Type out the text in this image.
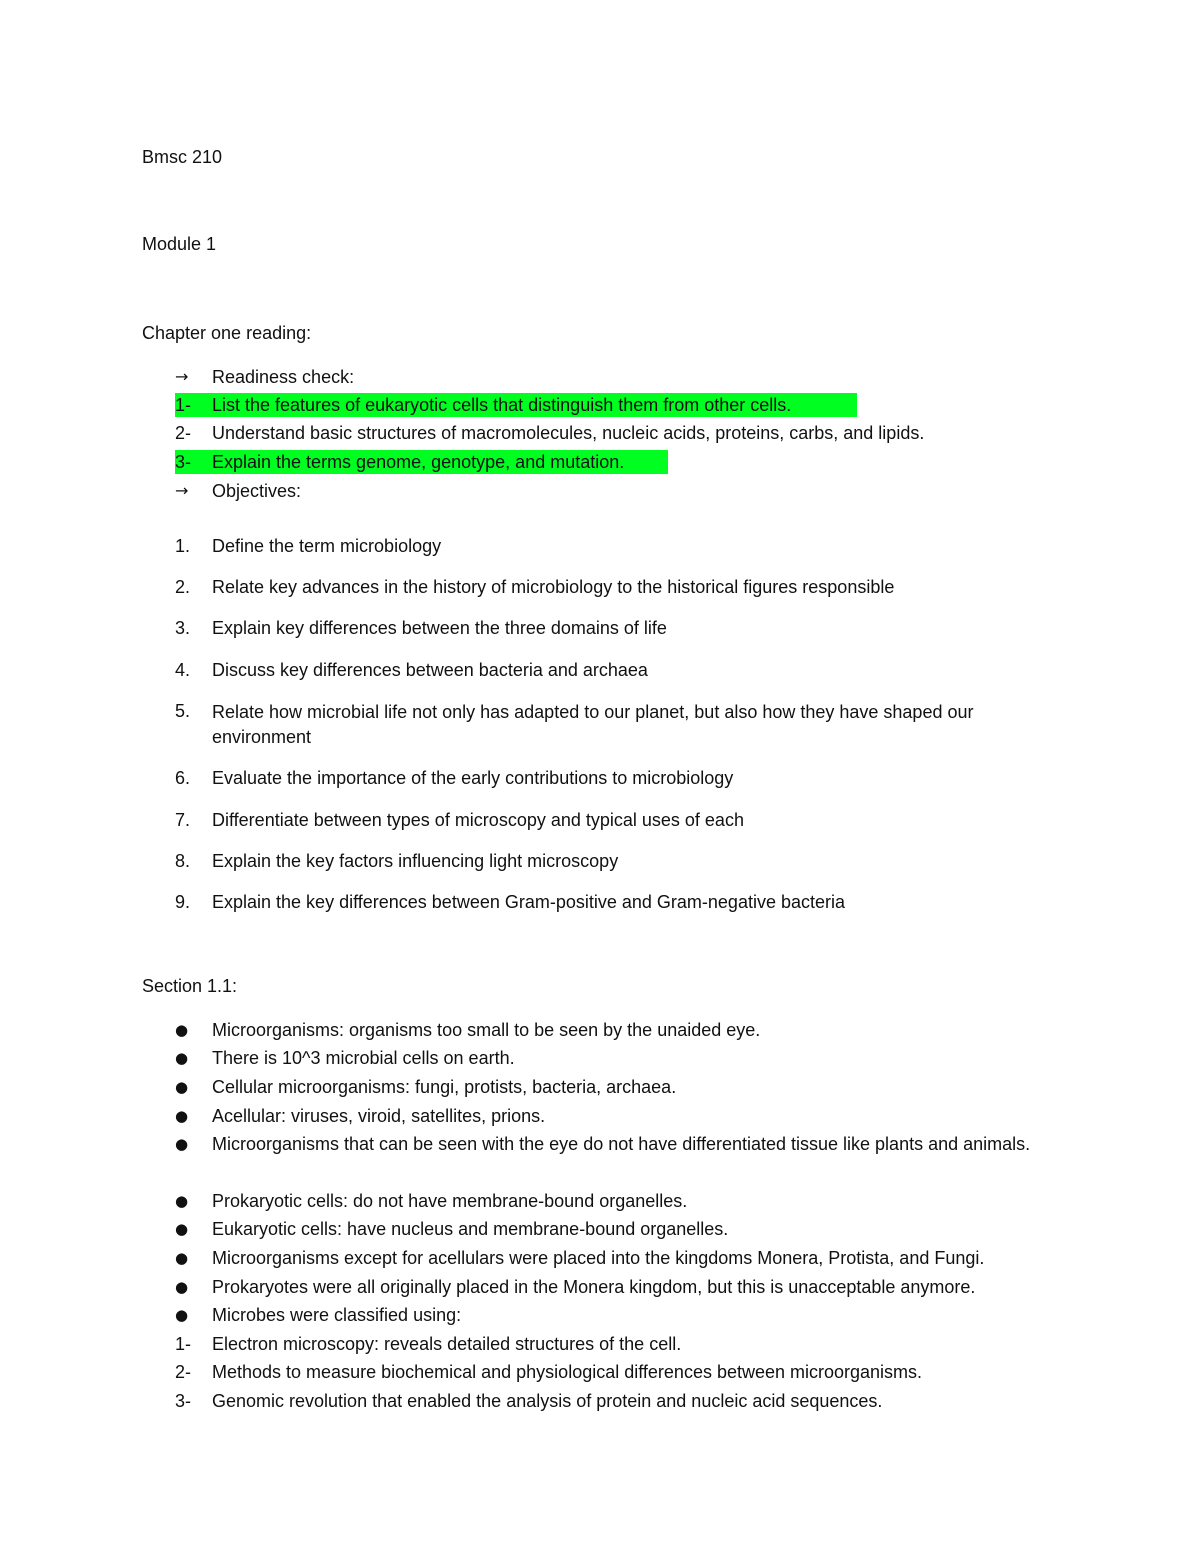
Bmsc 210
Module 1
Chapter one reading:
→ Readiness check:
1- List the features of eukaryotic cells that distinguish them from other cells.
2- Understand basic structures of macromolecules, nucleic acids, proteins, carbs, and lipids.
3- Explain the terms genome, genotype, and mutation.
→ Objectives:
1. Define the term microbiology
2. Relate key advances in the history of microbiology to the historical figures responsible
3. Explain key differences between the three domains of life
4. Discuss key differences between bacteria and archaea
5. Relate how microbial life not only has adapted to our planet, but also how they have shaped our environment
6. Evaluate the importance of the early contributions to microbiology
7. Differentiate between types of microscopy and typical uses of each
8. Explain the key factors influencing light microscopy
9. Explain the key differences between Gram-positive and Gram-negative bacteria
Section 1.1:
● Microorganisms: organisms too small to be seen by the unaided eye.
● There is 10^3 microbial cells on earth.
● Cellular microorganisms: fungi, protists, bacteria, archaea.
● Acellular: viruses, viroid, satellites, prions.
● Microorganisms that can be seen with the eye do not have differentiated tissue like plants and animals.
● Prokaryotic cells: do not have membrane-bound organelles.
● Eukaryotic cells: have nucleus and membrane-bound organelles.
● Microorganisms except for acellulars were placed into the kingdoms Monera, Protista, and Fungi.
● Prokaryotes were all originally placed in the Monera kingdom, but this is unacceptable anymore.
● Microbes were classified using:
1- Electron microscopy: reveals detailed structures of the cell.
2- Methods to measure biochemical and physiological differences between microorganisms.
3- Genomic revolution that enabled the analysis of protein and nucleic acid sequences.
